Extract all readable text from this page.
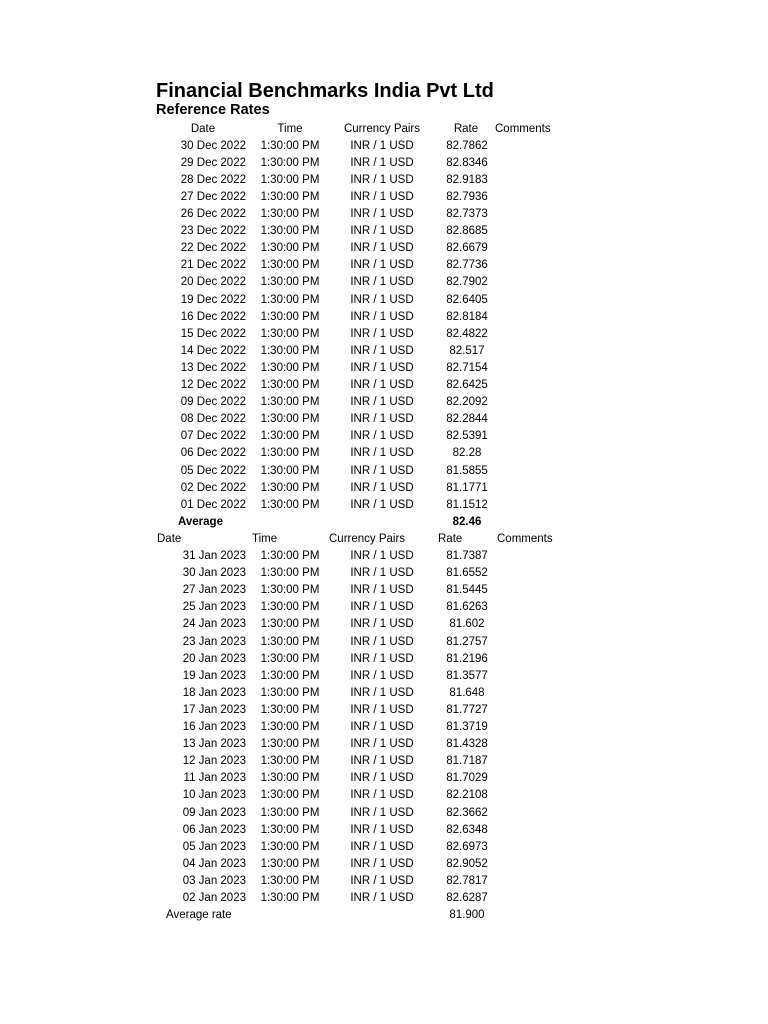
Financial Benchmarks India Pvt Ltd
Reference Rates
Date	Time	Currency Pairs	Rate	Comments
30 Dec 2022	1:30:00 PM	INR / 1 USD	82.7862
29 Dec 2022	1:30:00 PM	INR / 1 USD	82.8346
28 Dec 2022	1:30:00 PM	INR / 1 USD	82.9183
27 Dec 2022	1:30:00 PM	INR / 1 USD	82.7936
26 Dec 2022	1:30:00 PM	INR / 1 USD	82.7373
23 Dec 2022	1:30:00 PM	INR / 1 USD	82.8685
22 Dec 2022	1:30:00 PM	INR / 1 USD	82.6679
21 Dec 2022	1:30:00 PM	INR / 1 USD	82.7736
20 Dec 2022	1:30:00 PM	INR / 1 USD	82.7902
19 Dec 2022	1:30:00 PM	INR / 1 USD	82.6405
16 Dec 2022	1:30:00 PM	INR / 1 USD	82.8184
15 Dec 2022	1:30:00 PM	INR / 1 USD	82.4822
14 Dec 2022	1:30:00 PM	INR / 1 USD	82.517
13 Dec 2022	1:30:00 PM	INR / 1 USD	82.7154
12 Dec 2022	1:30:00 PM	INR / 1 USD	82.6425
09 Dec 2022	1:30:00 PM	INR / 1 USD	82.2092
08 Dec 2022	1:30:00 PM	INR / 1 USD	82.2844
07 Dec 2022	1:30:00 PM	INR / 1 USD	82.5391
06 Dec 2022	1:30:00 PM	INR / 1 USD	82.28
05 Dec 2022	1:30:00 PM	INR / 1 USD	81.5855
02 Dec 2022	1:30:00 PM	INR / 1 USD	81.1771
01 Dec 2022	1:30:00 PM	INR / 1 USD	81.1512
Average	82.46
Date	Time	Currency Pairs	Rate	Comments
31 Jan 2023	1:30:00 PM	INR / 1 USD	81.7387
30 Jan 2023	1:30:00 PM	INR / 1 USD	81.6552
27 Jan 2023	1:30:00 PM	INR / 1 USD	81.5445
25 Jan 2023	1:30:00 PM	INR / 1 USD	81.6263
24 Jan 2023	1:30:00 PM	INR / 1 USD	81.602
23 Jan 2023	1:30:00 PM	INR / 1 USD	81.2757
20 Jan 2023	1:30:00 PM	INR / 1 USD	81.2196
19 Jan 2023	1:30:00 PM	INR / 1 USD	81.3577
18 Jan 2023	1:30:00 PM	INR / 1 USD	81.648
17 Jan 2023	1:30:00 PM	INR / 1 USD	81.7727
16 Jan 2023	1:30:00 PM	INR / 1 USD	81.3719
13 Jan 2023	1:30:00 PM	INR / 1 USD	81.4328
12 Jan 2023	1:30:00 PM	INR / 1 USD	81.7187
11 Jan 2023	1:30:00 PM	INR / 1 USD	81.7029
10 Jan 2023	1:30:00 PM	INR / 1 USD	82.2108
09 Jan 2023	1:30:00 PM	INR / 1 USD	82.3662
06 Jan 2023	1:30:00 PM	INR / 1 USD	82.6348
05 Jan 2023	1:30:00 PM	INR / 1 USD	82.6973
04 Jan 2023	1:30:00 PM	INR / 1 USD	82.9052
03 Jan 2023	1:30:00 PM	INR / 1 USD	82.7817
02 Jan 2023	1:30:00 PM	INR / 1 USD	82.6287
Average rate	81.900
